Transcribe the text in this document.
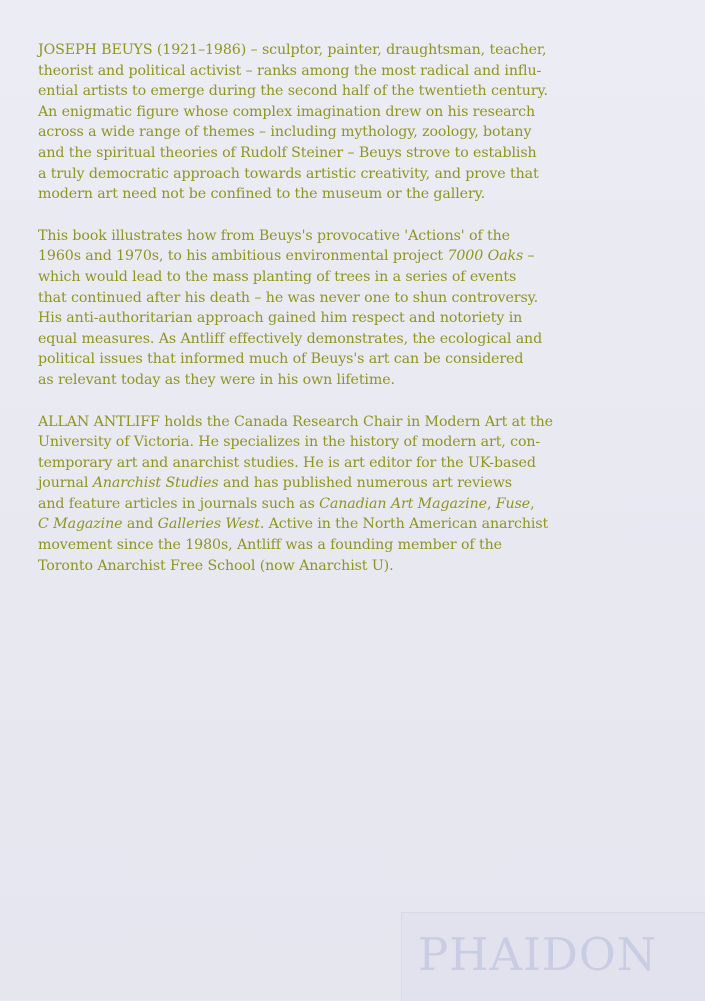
JOSEPH BEUYS (1921–1986) – sculptor, painter, draughtsman, teacher,
theorist and political activist – ranks among the most radical and influ-
ential artists to emerge during the second half of the twentieth century.
An enigmatic figure whose complex imagination drew on his research
across a wide range of themes – including mythology, zoology, botany
and the spiritual theories of Rudolf Steiner – Beuys strove to establish
a truly democratic approach towards artistic creativity, and prove that
modern art need not be confined to the museum or the gallery.

This book illustrates how from Beuys's provocative 'Actions' of the
1960s and 1970s, to his ambitious environmental project 7000 Oaks –
which would lead to the mass planting of trees in a series of events
that continued after his death – he was never one to shun controversy.
His anti-authoritarian approach gained him respect and notoriety in
equal measures. As Antliff effectively demonstrates, the ecological and
political issues that informed much of Beuys's art can be considered
as relevant today as they were in his own lifetime.

ALLAN ANTLIFF holds the Canada Research Chair in Modern Art at the
University of Victoria. He specializes in the history of modern art, con-
temporary art and anarchist studies. He is art editor for the UK-based
journal Anarchist Studies and has published numerous art reviews
and feature articles in journals such as Canadian Art Magazine, Fuse,
C Magazine and Galleries West. Active in the North American anarchist
movement since the 1980s, Antliff was a founding member of the
Toronto Anarchist Free School (now Anarchist U).

PHAIDON
